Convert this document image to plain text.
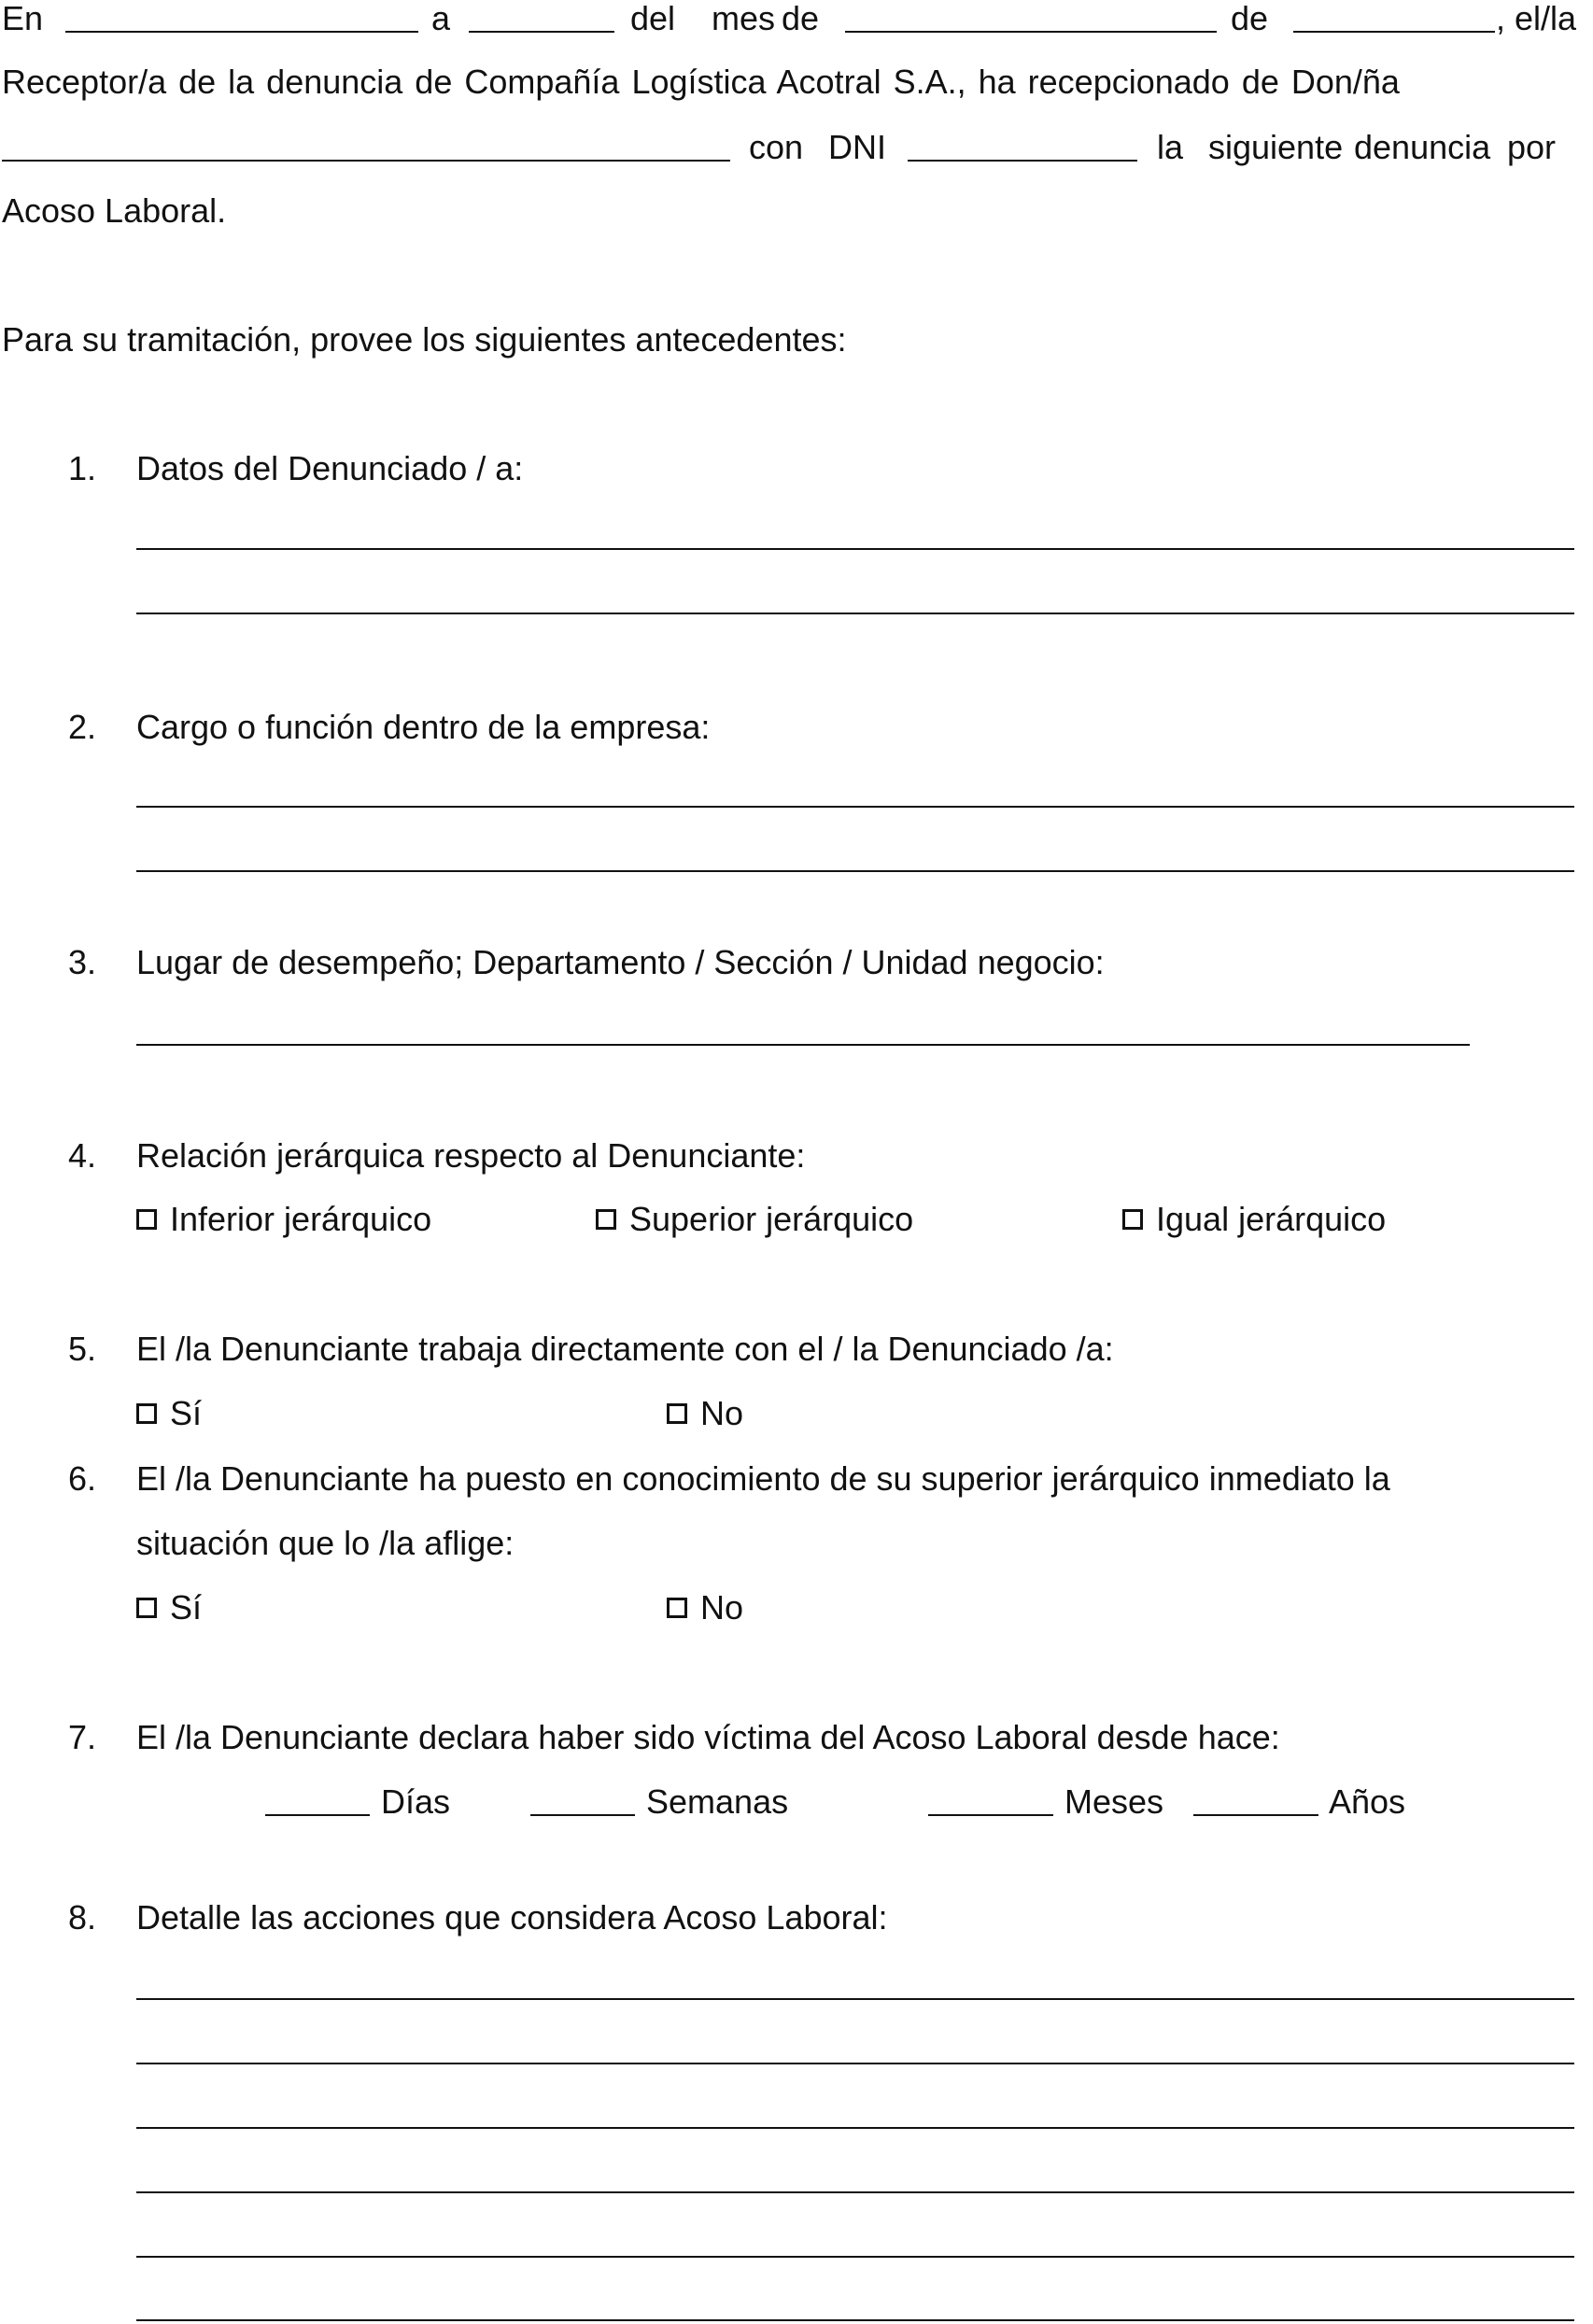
En	a	del mes de	de	, el/la
Receptor/a de la denuncia de Compañía Logística Acotral S.A., ha recepcionado de Don/ña
con DNI	la siguiente denuncia por
Acoso Laboral.
Para su tramitación, provee los siguientes antecedentes:
1. Datos del Denunciado / a:
2. Cargo o función dentro de la empresa:
3. Lugar de desempeño; Departamento / Sección / Unidad negocio:
4. Relación jerárquica respecto al Denunciante:
Inferior jerárquico	Superior jerárquico	Igual jerárquico
5. El /la Denunciante trabaja directamente con el / la Denunciado /a:
Sí	No
6. El /la Denunciante ha puesto en conocimiento de su superior jerárquico inmediato la
situación que lo /la aflige:
Sí	No
7. El /la Denunciante declara haber sido víctima del Acoso Laboral desde hace:
Días	Semanas	Meses	Años
8. Detalle las acciones que considera Acoso Laboral:
